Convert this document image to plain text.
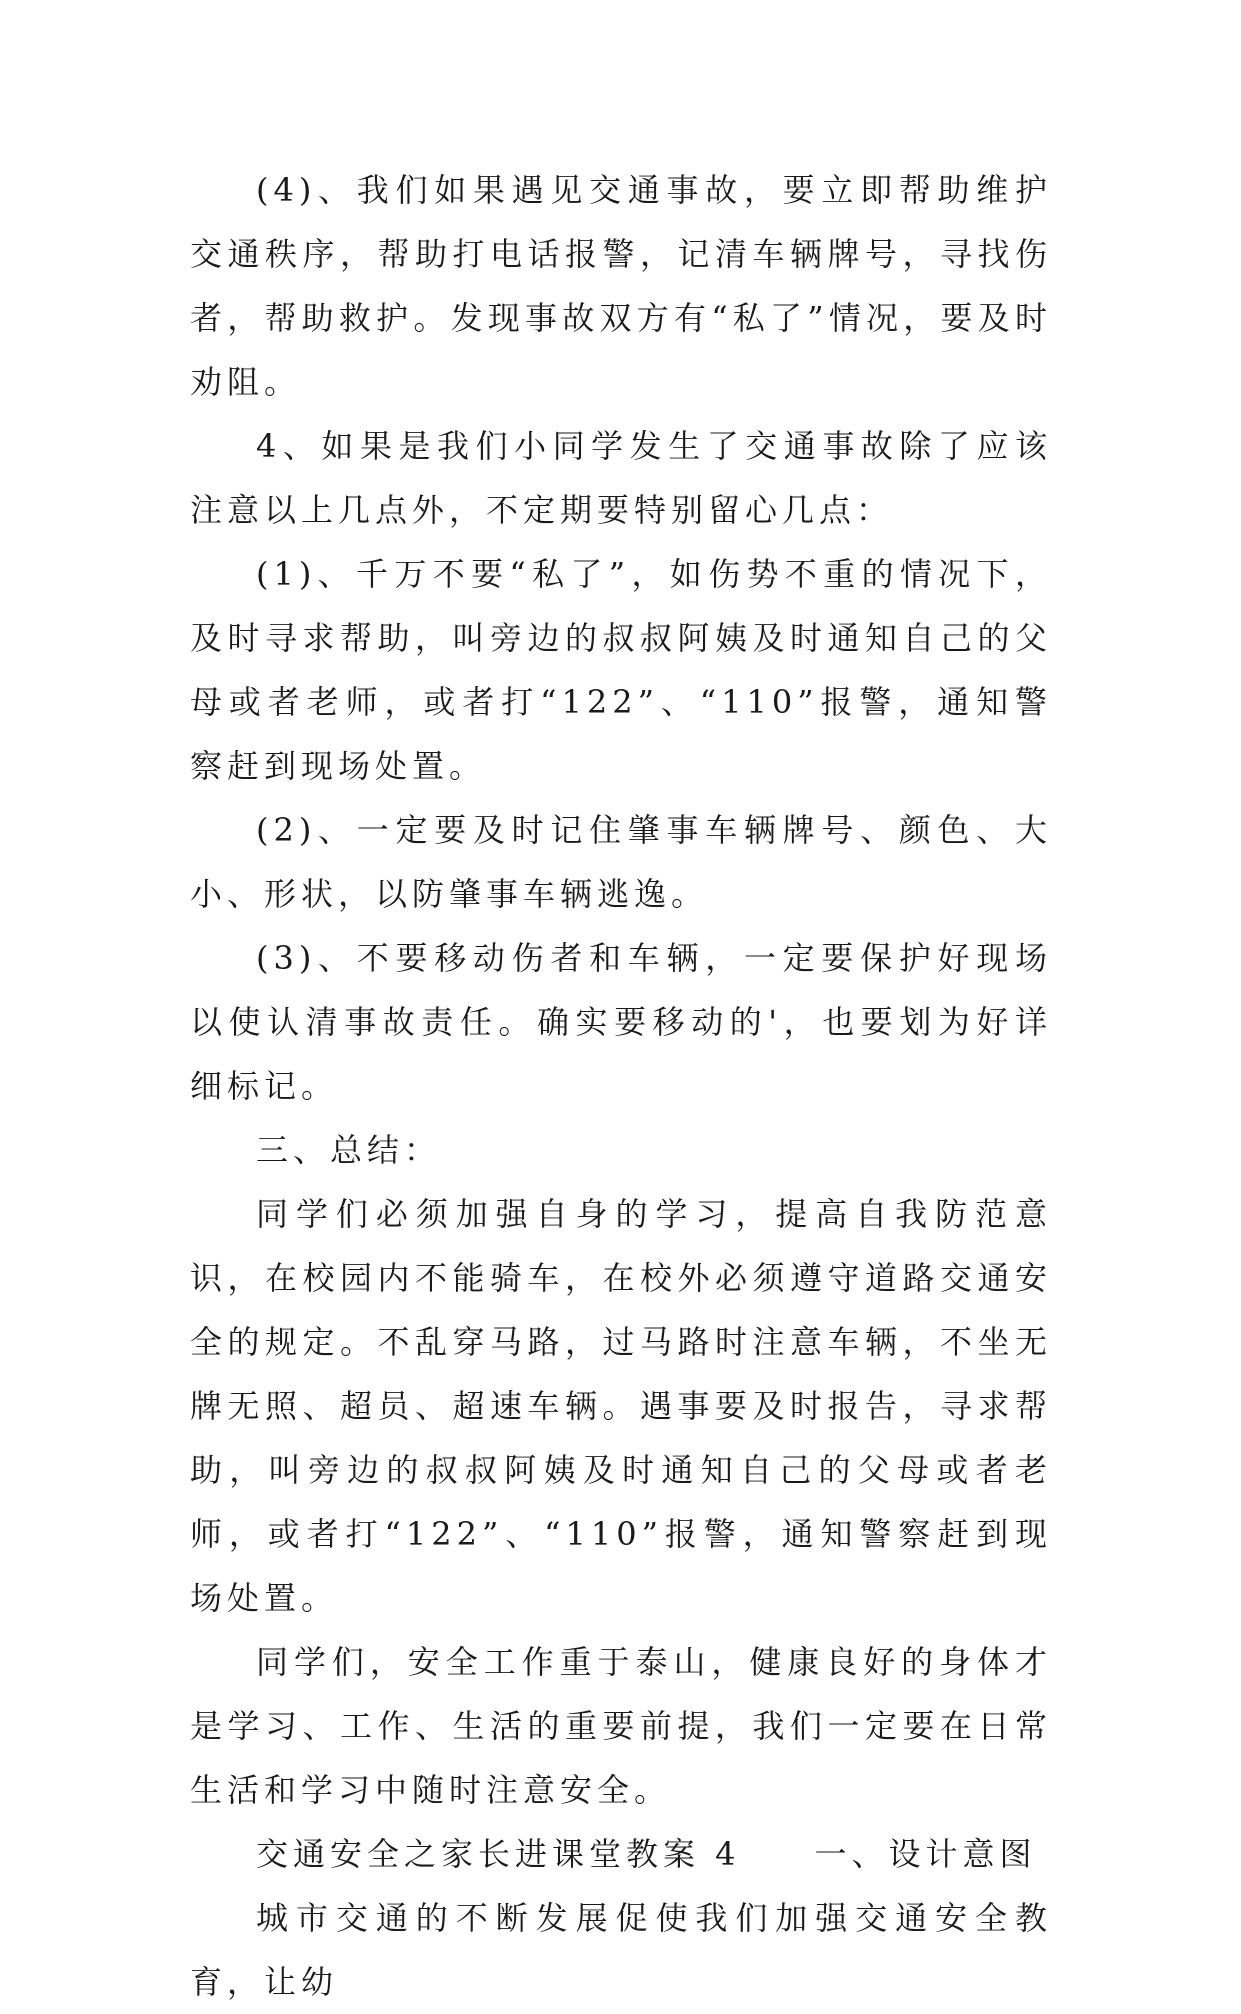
(4)、我们如果遇见交通事故，要立即帮助维护交通秩序，帮助打电话报警，记清车辆牌号，寻找伤者，帮助救护。发现事故双方有“私了”情况，要及时劝阻。

4、如果是我们小同学发生了交通事故除了应该注意以上几点外，不定期要特别留心几点：

(1)、千万不要“私了”，如伤势不重的情况下，及时寻求帮助，叫旁边的叔叔阿姨及时通知自己的父母或者老师，或者打“122”、“110”报警，通知警察赶到现场处置。

(2)、一定要及时记住肇事车辆牌号、颜色、大小、形状，以防肇事车辆逃逸。

(3)、不要移动伤者和车辆，一定要保护好现场以使认清事故责任。确实要移动的'，也要划为好详细标记。

三、总结：

同学们必须加强自身的学习，提高自我防范意识，在校园内不能骑车，在校外必须遵守道路交通安全的规定。不乱穿马路，过马路时注意车辆，不坐无牌无照、超员、超速车辆。遇事要及时报告，寻求帮助，叫旁边的叔叔阿姨及时通知自己的父母或者老师，或者打“122”、“110”报警，通知警察赶到现场处置。

同学们，安全工作重于泰山，健康良好的身体才是学习、工作、生活的重要前提，我们一定要在日常生活和学习中随时注意安全。

交通安全之家长进课堂教案 4　　一、设计意图

城市交通的不断发展促使我们加强交通安全教育，让幼
